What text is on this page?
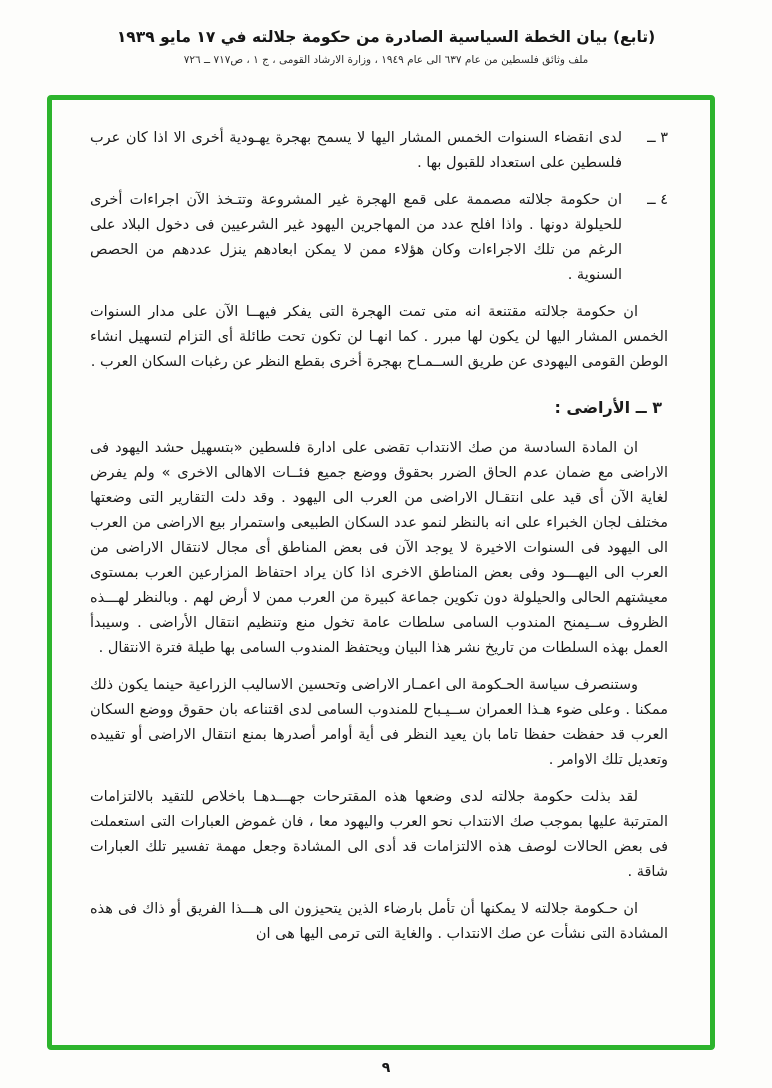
(تابع) بيان الخطة السياسية الصادرة من حكومة جلالته في ١٧ مايو ١٩٣٩
ملف وثائق فلسطين من عام ٦٣٧ الى عام ١٩٤٩ ، وزارة الارشاد القومى ، ج ١ ، ص٧١٧ ــ ٧٢٦
٣ ــ
لدى انقضاء السنوات الخمس المشار اليها لا يسمح بهجرة يهـودية أخرى الا اذا كان عرب فلسطين على استعداد للقبول بها .
٤ ــ
ان حكومة جلالته مصممة على قمع الهجرة غير المشروعة وتتـخذ الآن اجراءات أخرى للحيلولة دونها . واذا افلح عدد من المهاجرين اليهود غير الشرعيين فى دخول البلاد على الرغم من تلك الاجراءات وكان هؤلاء ممن لا يمكن ابعادهم ينزل عددهم من الحصص السنوية .

ان حكومة جلالته مقتنعة انه متى تمت الهجرة التى يفكر فيهــا الآن على مدار السنوات الخمس المشار اليها لن يكون لها مبرر . كما انهـا لن تكون تحت طائلة أى التزام لتسهيل انشاء الوطن القومى اليهودى عن طريق الســمـاح بهجرة أخرى بقطع النظر عن رغبات السكان العرب .

٣ ــ الأراضى :

ان المادة السادسة من صك الانتداب تقضى على ادارة فلسطين «بتسهيل حشد اليهود فى الاراضى مع ضمان عدم الحاق الضرر بحقوق ووضع جميع فئــات الاهالى الاخرى » ولم يفرض لغاية الآن أى قيد على انتقـال الاراضى من العرب الى اليهود . وقد دلت التقارير التى وضعتها مختلف لجان الخبراء على انه بالنظر لنمو عدد السكان الطبيعى واستمرار بيع الاراضى من العرب الى اليهود فى السنوات الاخيرة لا يوجد الآن فى بعض المناطق أى مجال لانتقال الاراضى من العرب الى اليهـــود وفى بعض المناطق الاخرى اذا كان يراد احتفاظ المزارعين العرب بمستوى معيشتهم الحالى والحيلولة دون تكوين جماعة كبيرة من العرب ممن لا أرض لهم . وبالنظر لهـــذه الظروف ســيمنح المندوب السامى سلطات عامة تخول منع وتنظيم انتقال الأراضى . وسيبدأ العمل بهذه السلطات من تاريخ نشر هذا البيان ويحتفظ المندوب السامى بها طيلة فترة الانتقال .

وستنصرف سياسة الحـكومة الى اعمـار الاراضى وتحسين الاساليب الزراعية حينما يكون ذلك ممكنا . وعلى ضوء هـذا العمران ســيـباح للمندوب السامى لدى اقتناعه بان حقوق ووضع السكان العرب قد حفظت حفظا تاما بان يعيد النظر فى أية أوامر أصدرها بمنع انتقال الاراضى أو تقييده وتعديل تلك الاوامر .

لقد بذلت حكومة جلالته لدى وضعها هذه المقترحات جهـــدهـا باخلاص للتقيد بالالتزامات المترتبة عليها بموجب صك الانتداب نحو العرب واليهود معا ، فان غموض العبارات التى استعملت فى بعض الحالات لوصف هذه الالتزامات قد أدى الى المشادة وجعل مهمة تفسير تلك العبارات شاقة .

ان حـكومة جلالته لا يمكنها أن تأمل بارضاء الذين يتحيزون الى هـــذا الفريق أو ذاك فى هذه المشادة التى نشأت عن صك الانتداب . والغاية التى ترمى اليها هى ان

٩
